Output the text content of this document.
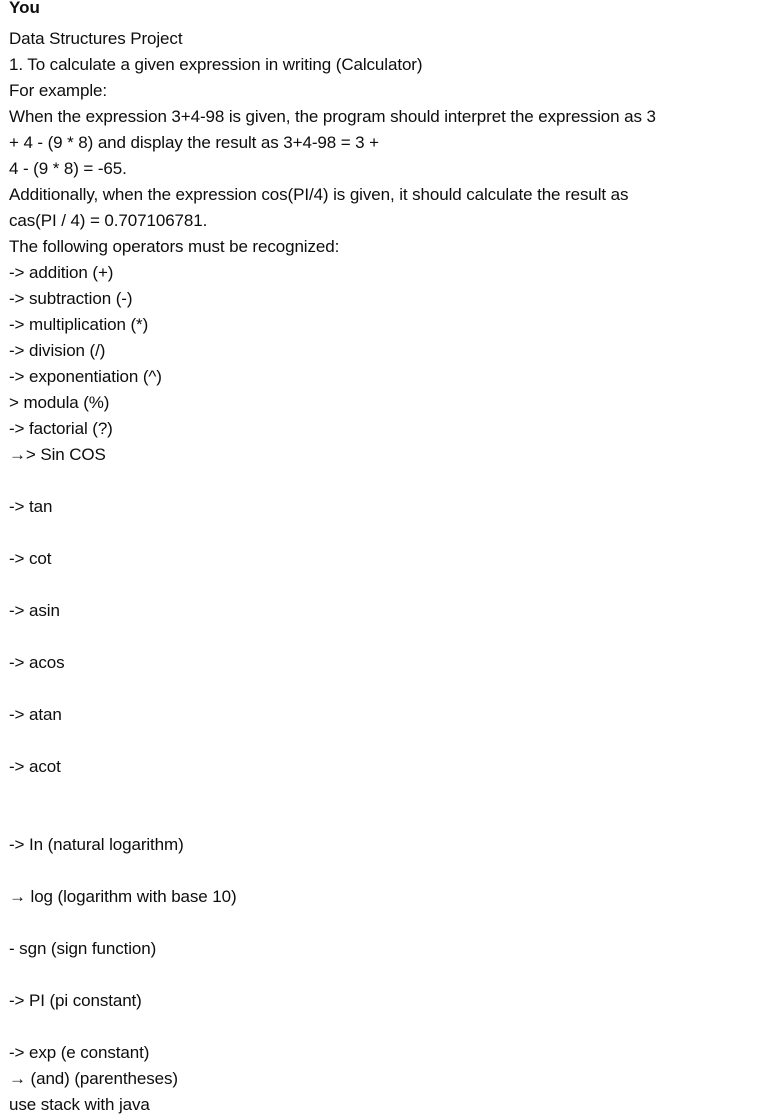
You
Data Structures Project
1. To calculate a given expression in writing (Calculator)
For example:
When the expression 3+4-98 is given, the program should interpret the expression as 3
+ 4 - (9 * 8) and display the result as 3+4-98 = 3 +
4 - (9 * 8) = -65.
Additionally, when the expression cos(PI/4) is given, it should calculate the result as
cas(PI / 4) = 0.707106781.
The following operators must be recognized:
-> addition (+)
-> subtraction (-)
-> multiplication (*)
-> division (/)
-> exponentiation (^)
> modula (%)
-> factorial (?)
→> Sin COS
-> tan
-> cot
-> asin
-> acos
-> atan
-> acot
-> In (natural logarithm)
→ log (logarithm with base 10)
- sgn (sign function)
-> PI (pi constant)
-> exp (e constant)
→ (and) (parentheses)
use stack with java
